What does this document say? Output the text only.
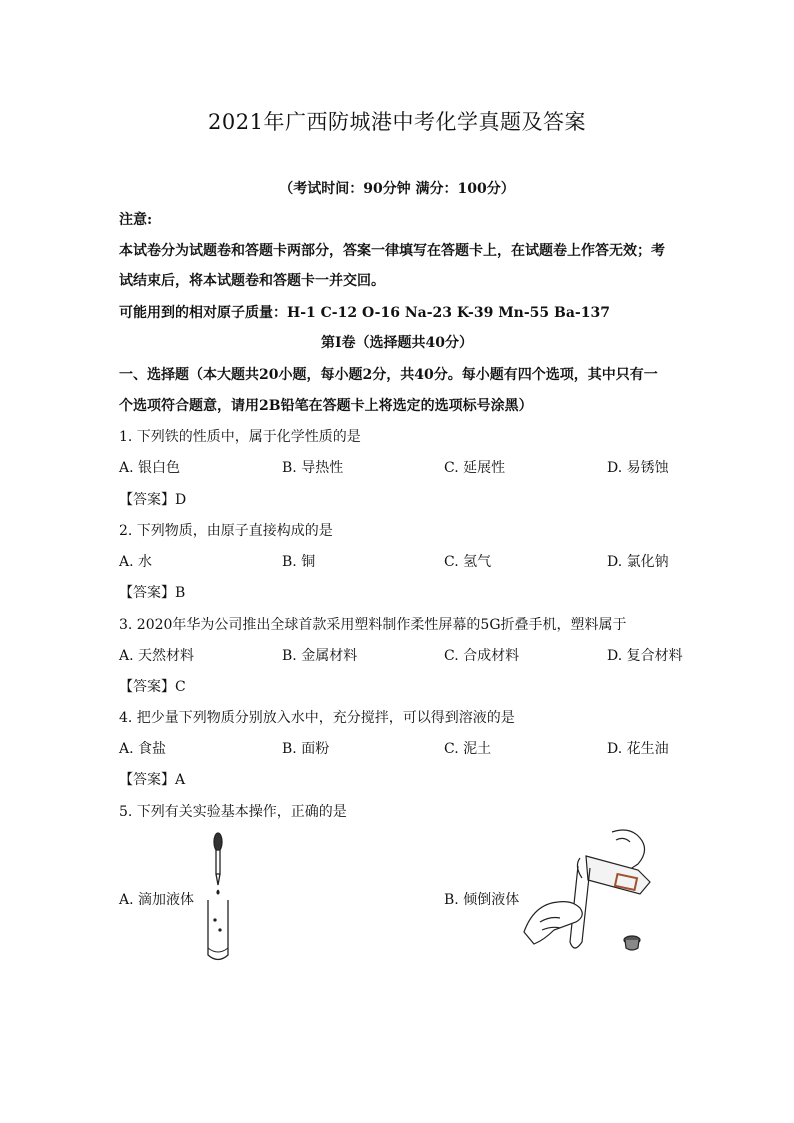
2021年广西防城港中考化学真题及答案
（考试时间：90分钟 满分：100分）
注意:
本试卷分为试题卷和答题卡两部分，答案一律填写在答题卡上，在试题卷上作答无效；考
试结束后，将本试题卷和答题卡一并交回。
可能用到的相对原子质量：H-1 C-12 O-16 Na-23 K-39 Mn-55 Ba-137
第Ⅰ卷（选择题共40分）
一、选择题（本大题共20小题，每小题2分，共40分。每小题有四个选项，其中只有一
个选项符合题意，请用2B铅笔在答题卡上将选定的选项标号涂黑）
1. 下列铁的性质中，属于化学性质的是
A. 银白色	B. 导热性	C. 延展性	D. 易锈蚀
【答案】D
2. 下列物质，由原子直接构成的是
A. 水	B. 铜	C. 氢气	D. 氯化钠
【答案】B
3. 2020年华为公司推出全球首款采用塑料制作柔性屏幕的5G折叠手机，塑料属于
A. 天然材料	B. 金属材料	C. 合成材料	D. 复合材料
【答案】C
4. 把少量下列物质分别放入水中，充分搅拌，可以得到溶液的是
A. 食盐	B. 面粉	C. 泥土	D. 花生油
【答案】A
5. 下列有关实验基本操作，正确的是
A. 滴加液体	B. 倾倒液体
